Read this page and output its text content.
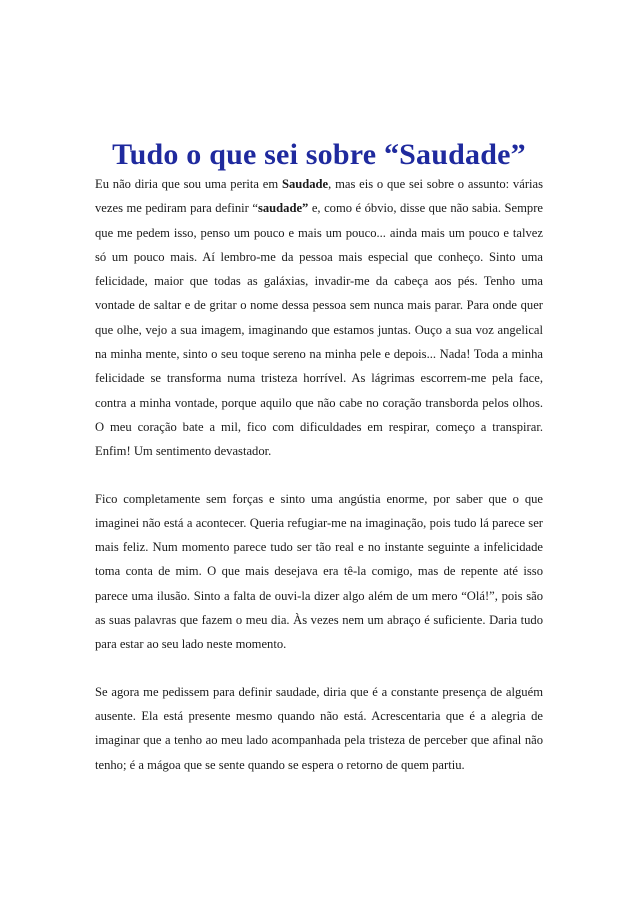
Tudo o que sei sobre “Saudade”

Eu não diria que sou uma perita em Saudade, mas eis o que sei sobre o assunto: várias vezes me pediram para definir “saudade” e, como é óbvio, disse que não sabia. Sempre que me pedem isso, penso um pouco e mais um pouco... ainda mais um pouco e talvez só um pouco mais. Aí lembro-me da pessoa mais especial que conheço. Sinto uma felicidade, maior que todas as galáxias, invadir-me da cabeça aos pés. Tenho uma vontade de saltar e de gritar o nome dessa pessoa sem nunca mais parar. Para onde quer que olhe, vejo a sua imagem, imaginando que estamos juntas. Ouço a sua voz angelical na minha mente, sinto o seu toque sereno na minha pele e depois... Nada! Toda a minha felicidade se transforma numa tristeza horrível. As lágrimas escorrem-me pela face, contra a minha vontade, porque aquilo que não cabe no coração transborda pelos olhos. O meu coração bate a mil, fico com dificuldades em respirar, começo a transpirar. Enfim! Um sentimento devastador.

Fico completamente sem forças e sinto uma angústia enorme, por saber que o que imaginei não está a acontecer. Queria refugiar-me na imaginação, pois tudo lá parece ser mais feliz. Num momento parece tudo ser tão real e no instante seguinte a infelicidade toma conta de mim. O que mais desejava era tê-la comigo, mas de repente até isso parece uma ilusão. Sinto a falta de ouvi-la dizer algo além de um mero “Olá!”, pois são as suas palavras que fazem o meu dia. Às vezes nem um abraço é suficiente. Daria tudo para estar ao seu lado neste momento.

Se agora me pedissem para definir saudade, diria que é a constante presença de alguém ausente. Ela está presente mesmo quando não está. Acrescentaria que é a alegria de imaginar que a tenho ao meu lado acompanhada pela tristeza de perceber que afinal não tenho; é a mágoa que se sente quando se espera o retorno de quem partiu.
